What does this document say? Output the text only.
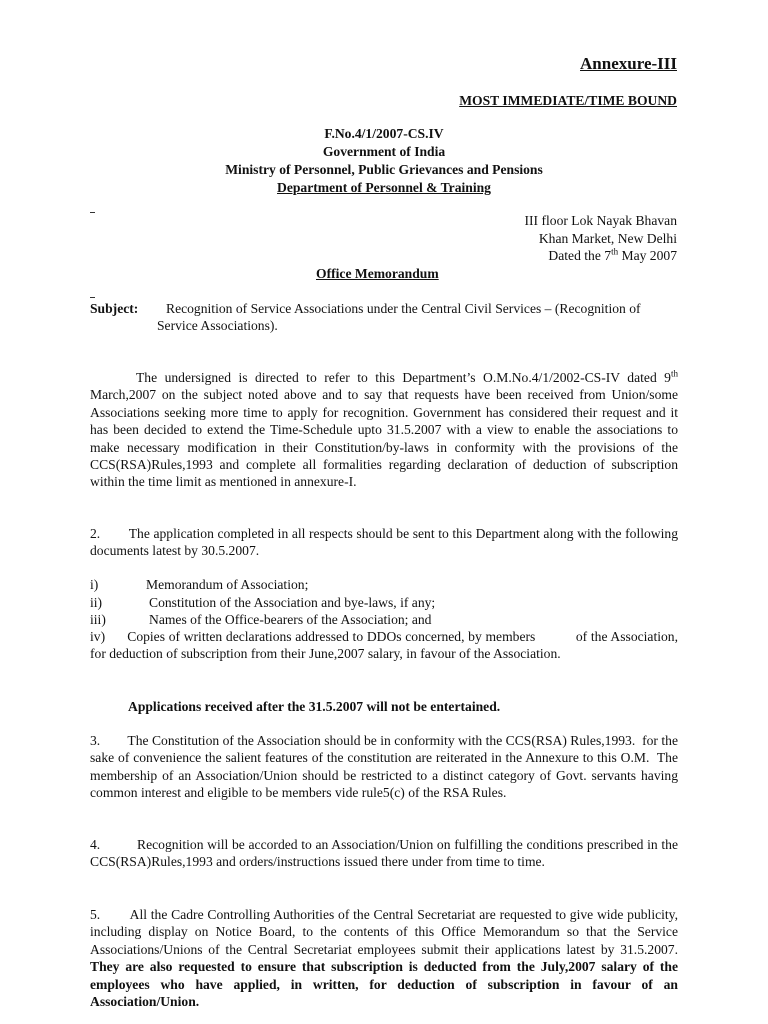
Annexure-III
MOST IMMEDIATE/TIME BOUND
F.No.4/1/2007-CS.IV
Government of India
Ministry of Personnel, Public Grievances and Pensions
Department of Personnel & Training
III floor Lok Nayak Bhavan
Khan Market, New Delhi
Dated the 7th May 2007
Office Memorandum
Subject:	Recognition of Service Associations under the Central Civil Services – (Recognition of Service Associations).
The undersigned is directed to refer to this Department’s O.M.No.4/1/2002-CS-IV dated 9th March,2007 on the subject noted above and to say that requests have been received from Union/some Associations seeking more time to apply for recognition. Government has considered their request and it has been decided to extend the Time-Schedule upto 31.5.2007 with a view to enable the associations to make necessary modification in their Constitution/by-laws in conformity with the provisions of the CCS(RSA)Rules,1993 and complete all formalities regarding declaration of deduction of subscription within the time limit as mentioned in annexure-I.
2.        The application completed in all respects should be sent to this Department along with the following documents latest by 30.5.2007.
i)	Memorandum of Association;
ii)	Constitution of the Association and bye-laws, if any;
iii)	Names of the Office-bearers of the Association; and
iv) Copies of written declarations addressed to DDOs concerned, by members           of the Association, for deduction of subscription from their June,2007 salary, in favour of the Association.
Applications received after the 31.5.2007 will not be entertained.
3.        The Constitution of the Association should be in conformity with the CCS(RSA) Rules,1993.  for the sake of convenience the salient features of the constitution are reiterated in the Annexure to this O.M.  The membership of an Association/Union should be restricted to a distinct category of Govt. servants having common interest and eligible to be members vide rule5(c) of the RSA Rules.
4.          Recognition will be accorded to an Association/Union on fulfilling the conditions prescribed in the CCS(RSA)Rules,1993 and orders/instructions issued there under from time to time.
5.        All the Cadre Controlling Authorities of the Central Secretariat are requested to give wide publicity, including display on Notice Board, to the contents of this Office Memorandum so that the Service Associations/Unions of the Central Secretariat employees submit their applications latest by 31.5.2007. They are also requested to ensure that subscription is deducted from the July,2007 salary of the employees who have applied, in written, for deduction of subscription in favour of an Association/Union.
